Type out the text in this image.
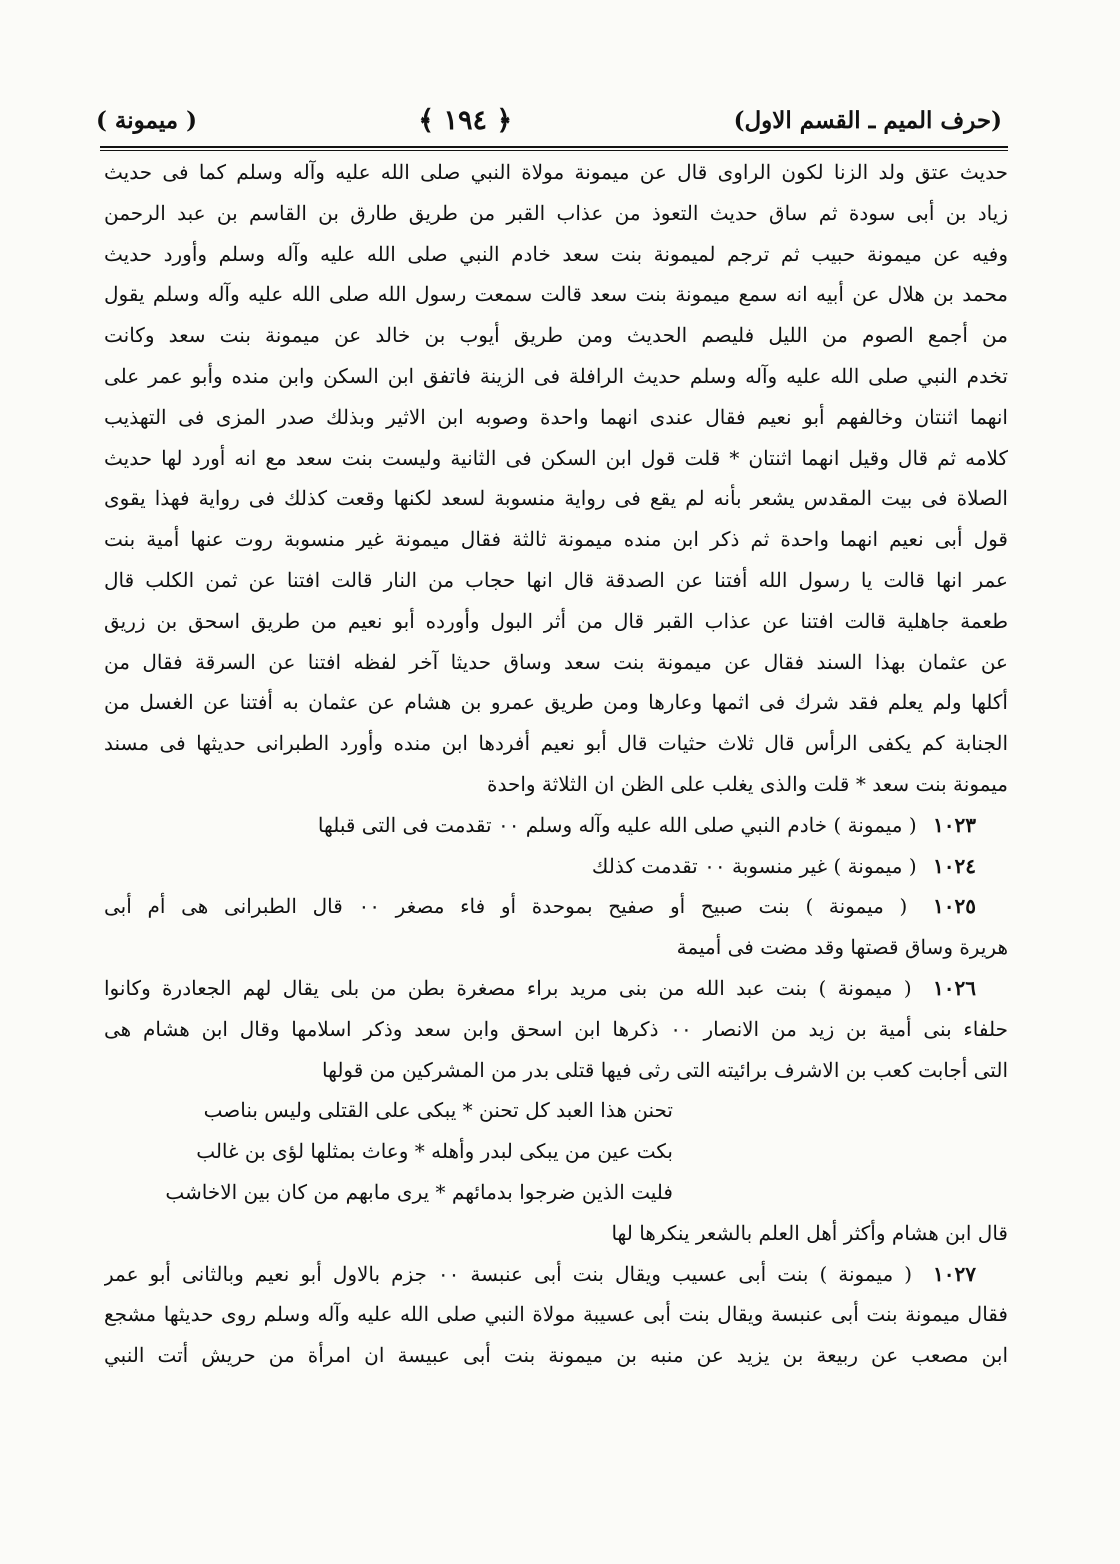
(حرف الميم ـ القسم الاول)
﴿ ١٩٤ ﴾
( ميمونة )
حديث عتق ولد الزنا لكون الراوى قال عن ميمونة مولاة النبي صلى الله عليه وآله وسلم كما فى حديث
زياد بن أبى سودة ثم ساق حديث التعوذ من عذاب القبر من طريق طارق بن القاسم بن عبد الرحمن
وفيه عن ميمونة حبيب ثم ترجم لميمونة بنت سعد خادم النبي صلى الله عليه وآله وسلم وأورد حديث
محمد بن هلال عن أبيه انه سمع ميمونة بنت سعد قالت سمعت رسول الله صلى الله عليه وآله وسلم يقول
من أجمع الصوم من الليل فليصم الحديث ومن طريق أيوب بن خالد عن ميمونة بنت سعد وكانت
تخدم النبي صلى الله عليه وآله وسلم حديث الرافلة فى الزينة فاتفق ابن السكن وابن منده وأبو عمر على
انهما اثنتان وخالفهم أبو نعيم فقال عندى انهما واحدة وصوبه ابن الاثير وبذلك صدر المزى فى التهذيب
كلامه ثم قال وقيل انهما اثنتان * قلت قول ابن السكن فى الثانية وليست بنت سعد مع انه أورد لها حديث
الصلاة فى بيت المقدس يشعر بأنه لم يقع فى رواية منسوبة لسعد لكنها وقعت كذلك فى رواية فهذا يقوى
قول أبى نعيم انهما واحدة ثم ذكر ابن منده ميمونة ثالثة فقال ميمونة غير منسوبة روت عنها أمية بنت
عمر انها قالت يا رسول الله أفتنا عن الصدقة قال انها حجاب من النار قالت افتنا عن ثمن الكلب قال
طعمة جاهلية قالت افتنا عن عذاب القبر قال من أثر البول وأورده أبو نعيم من طريق اسحق بن زريق
عن عثمان بهذا السند فقال عن ميمونة بنت سعد وساق حديثا آخر لفظه افتنا عن السرقة فقال من
أكلها ولم يعلم فقد شرك فى اثمها وعارها ومن طريق عمرو بن هشام عن عثمان به أفتنا عن الغسل من
الجنابة كم يكفى الرأس قال ثلاث حثيات قال أبو نعيم أفردها ابن منده وأورد الطبرانى حديثها فى مسند
ميمونة بنت سعد * قلت والذى يغلب على الظن ان الثلاثة واحدة
١٠٢٣ ( ميمونة ) خادم النبي صلى الله عليه وآله وسلم ٠٠ تقدمت فى التى قبلها
١٠٢٤ ( ميمونة ) غير منسوبة ٠٠ تقدمت كذلك
١٠٢٥ ( ميمونة ) بنت صبيح أو صفيح بموحدة أو فاء مصغر ٠٠ قال الطبرانى هى أم أبى
هريرة وساق قصتها وقد مضت فى أميمة
١٠٢٦ ( ميمونة ) بنت عبد الله من بنى مريد براء مصغرة بطن من بلى يقال لهم الجعادرة وكانوا
حلفاء بنى أمية بن زيد من الانصار ٠٠ ذكرها ابن اسحق وابن سعد وذكر اسلامها وقال ابن هشام هى
التى أجابت كعب بن الاشرف برائيته التى رثى فيها قتلى بدر من المشركين من قولها
تحنن هذا العبد كل تحنن * يبكى على القتلى وليس بناصب
بكت عين من يبكى لبدر وأهله * وعاث بمثلها لؤى بن غالب
فليت الذين ضرجوا بدمائهم * يرى مابهم من كان بين الاخاشب
قال ابن هشام وأكثر أهل العلم بالشعر ينكرها لها
١٠٢٧ ( ميمونة ) بنت أبى عسيب ويقال بنت أبى عنبسة ٠٠ جزم بالاول أبو نعيم وبالثانى أبو عمر
فقال ميمونة بنت أبى عنبسة ويقال بنت أبى عسيبة مولاة النبي صلى الله عليه وآله وسلم روى حديثها مشجع
ابن مصعب عن ربيعة بن يزيد عن منبه بن ميمونة بنت أبى عبيسة ان امرأة من حريش أتت النبي
